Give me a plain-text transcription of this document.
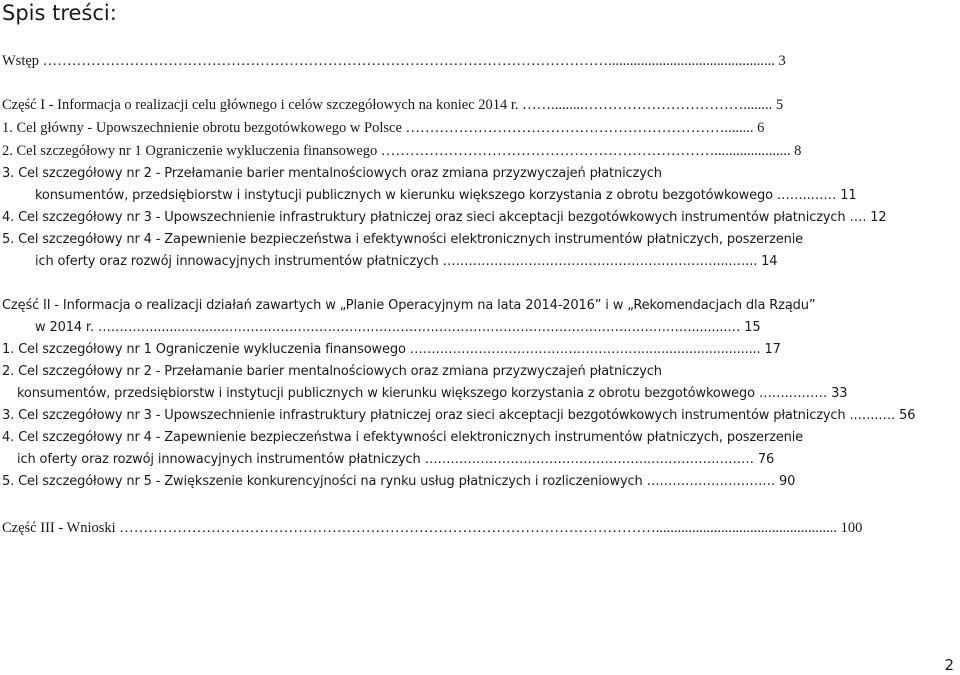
Spis treści:
Wstęp ……………………………………………………………………………………………………….............................................. 3
Część I - Informacja o realizacji celu głównego i celów szczegółowych na koniec 2014 r. …….........……………………………........ 5
1. Cel główny - Upowszechnienie obrotu bezgotówkowego w Polsce …………………………………………………………........ 6
2. Cel szczegółowy nr 1 Ograniczenie wykluczenia finansowego ……………………………………………………………..................... 8
3. Cel szczegółowy nr 2 - Przełamanie barier mentalnościowych oraz zmiana przyzwyczajeń płatniczych
konsumentów, przedsiębiorstw i instytucji publicznych w kierunku większego korzystania z obrotu bezgotówkowego ……..…… 11
4. Cel szczegółowy nr 3 - Upowszechnienie infrastruktury płatniczej oraz sieci akceptacji bezgotówkowych instrumentów płatniczych …. 12
5. Cel szczegółowy nr 4 - Zapewnienie bezpieczeństwa i efektywności elektronicznych instrumentów płatniczych, poszerzenie
ich oferty oraz rozwój innowacyjnych instrumentów płatniczych ……………………………………………………….....…... 14
Część II - Informacja o realizacji działań zawartych w „Planie Operacyjnym na lata 2014-2016” i w „Rekomendacjach dla Rządu”
w 2014 r. …………....................……………………………………………………………………………………………….........… 15
1. Cel szczegółowy nr 1 Ograniczenie wykluczenia finansowego ……………………………………………….............................. 17
2. Cel szczegółowy nr 2 - Przełamanie barier mentalnościowych oraz zmiana przyzwyczajeń płatniczych
konsumentów, przedsiębiorstw i instytucji publicznych w kierunku większego korzystania z obrotu bezgotówkowego …….……… 33
3. Cel szczegółowy nr 3 - Upowszechnienie infrastruktury płatniczej oraz sieci akceptacji bezgotówkowych instrumentów płatniczych ..…..…. 56
4. Cel szczegółowy nr 4 - Zapewnienie bezpieczeństwa i efektywności elektronicznych instrumentów płatniczych, poszerzenie
ich oferty oraz rozwój innowacyjnych instrumentów płatniczych ……………………………………………..…………………… 76
5. Cel szczegółowy nr 5 - Zwiększenie konkurencyjności na rynku usług płatniczych i rozliczeniowych ………………………… 90
Część III - Wnioski ………………………………………………………………………………………………….................................................. 100
2
